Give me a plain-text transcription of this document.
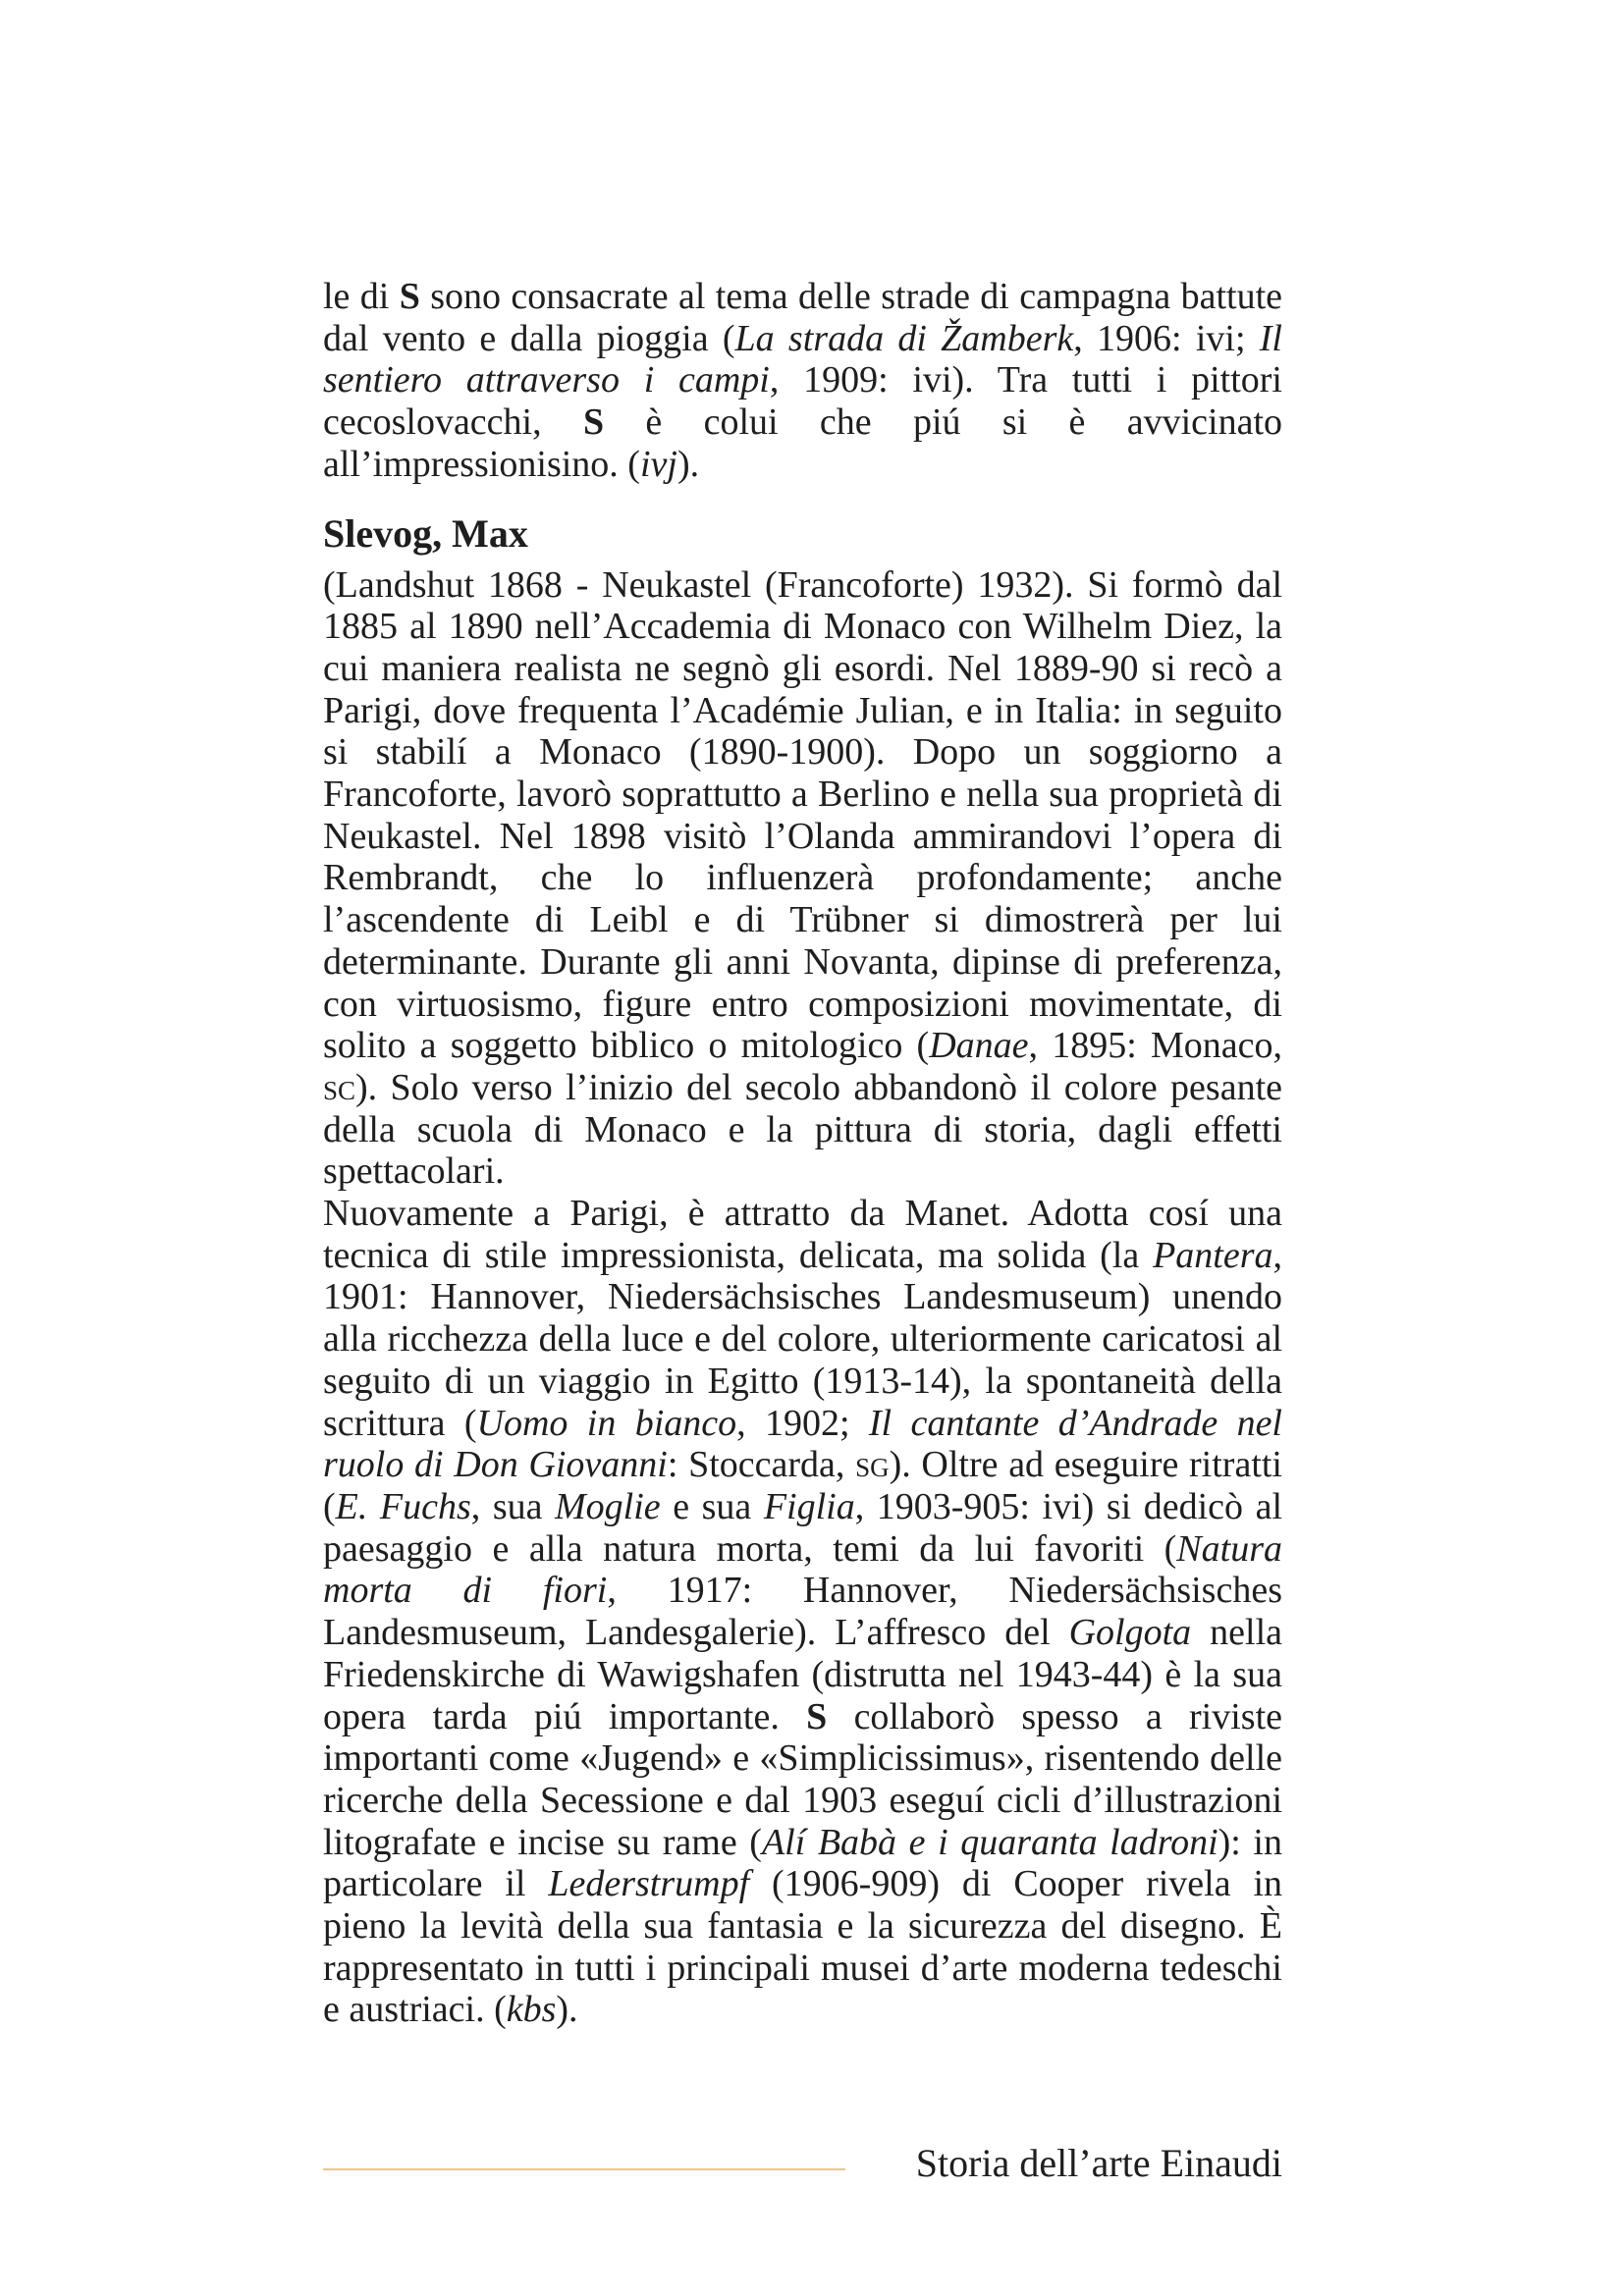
le di S sono consacrate al tema delle strade di campagna battute dal vento e dalla pioggia (La strada di Žamberk, 1906: ivi; Il sentiero attraverso i campi, 1909: ivi). Tra tutti i pittori cecoslovacchi, S è colui che piú si è avvicinato all’impressionisino. (ivj).

Slevog, Max

(Landshut 1868 - Neukastel (Francoforte) 1932). Si formò dal 1885 al 1890 nell’Accademia di Monaco con Wilhelm Diez, la cui maniera realista ne segnò gli esordi. Nel 1889-90 si recò a Parigi, dove frequenta l’Académie Julian, e in Italia: in seguito si stabilí a Monaco (1890-1900). Dopo un soggiorno a Francoforte, lavorò soprattutto a Berlino e nella sua proprietà di Neukastel. Nel 1898 visitò l’Olanda ammirandovi l’opera di Rembrandt, che lo influenzerà profondamente; anche l’ascendente di Leibl e di Trübner si dimostrerà per lui determinante. Durante gli anni Novanta, dipinse di preferenza, con virtuosismo, figure entro composizioni movimentate, di solito a soggetto biblico o mitologico (Danae, 1895: Monaco, sc). Solo verso l’inizio del secolo abbandonò il colore pesante della scuola di Monaco e la pittura di storia, dagli effetti spettacolari.
Nuovamente a Parigi, è attratto da Manet. Adotta cosí una tecnica di stile impressionista, delicata, ma solida (la Pantera, 1901: Hannover, Niedersächsisches Landesmuseum) unendo alla ricchezza della luce e del colore, ulteriormente caricatosi al seguito di un viaggio in Egitto (1913-14), la spontaneità della scrittura (Uomo in bianco, 1902; Il cantante d’Andrade nel ruolo di Don Giovanni: Stoccarda, sg). Oltre ad eseguire ritratti (E. Fuchs, sua Moglie e sua Figlia, 1903-905: ivi) si dedicò al paesaggio e alla natura morta, temi da lui favoriti (Natura morta di fiori, 1917: Hannover, Niedersächsisches Landesmuseum, Landesgalerie). L’affresco del Golgota nella Friedenskirche di Wawigshafen (distrutta nel 1943-44) è la sua opera tarda piú importante. S collaborò spesso a riviste importanti come «Jugend» e «Simplicissimus», risentendo delle ricerche della Secessione e dal 1903 eseguí cicli d’illustrazioni litografate e incise su rame (Alí Babà e i quaranta ladroni): in particolare il Lederstrumpf (1906-909) di Cooper rivela in pieno la levità della sua fantasia e la sicurezza del disegno. È rappresentato in tutti i principali musei d’arte moderna tedeschi e austriaci. (kbs).

Storia dell’arte Einaudi
